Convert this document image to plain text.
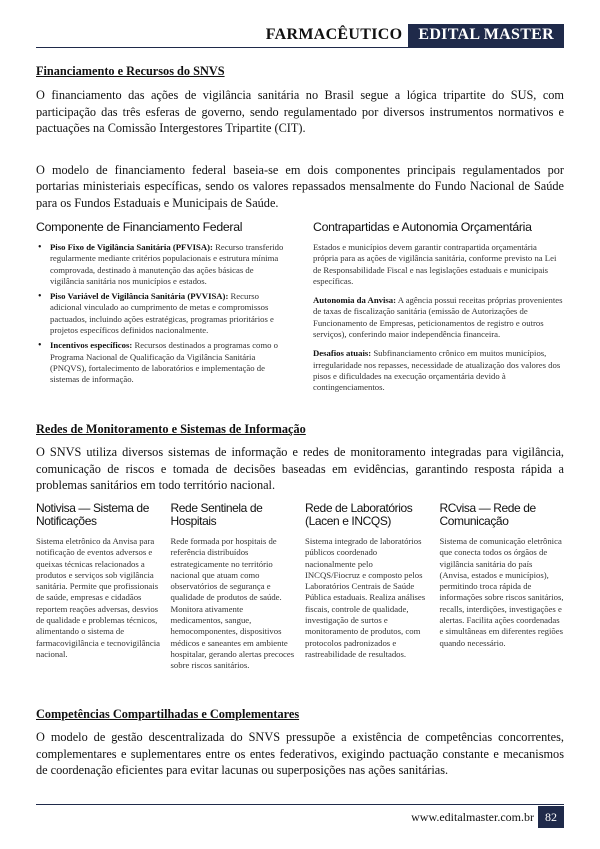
FARMACÊUTICO	EDITAL MASTER
Financiamento e Recursos do SNVS

O financiamento das ações de vigilância sanitária no Brasil segue a lógica tripartite do SUS, com participação das três esferas de governo, sendo regulamentado por diversos instrumentos normativos e pactuações na Comissão Intergestores Tripartite (CIT).

O modelo de financiamento federal baseia-se em dois componentes principais regulamentados por portarias ministeriais específicas, sendo os valores repassados mensalmente do Fundo Nacional de Saúde para os Fundos Estaduais e Municipais de Saúde.

Componente de Financiamento Federal
• Piso Fixo de Vigilância Sanitária (PFVISA): Recurso transferido regularmente mediante critérios populacionais e estrutura mínima comprovada, destinado à manutenção das ações básicas de vigilância sanitária nos municípios e estados.
• Piso Variável de Vigilância Sanitária (PVVISA): Recurso adicional vinculado ao cumprimento de metas e compromissos pactuados, incluindo ações estratégicas, programas prioritários e projetos específicos definidos nacionalmente.
• Incentivos específicos: Recursos destinados a programas como o Programa Nacional de Qualificação da Vigilância Sanitária (PNQVS), fortalecimento de laboratórios e implementação de sistemas de informação.
Contrapartidas e Autonomia Orçamentária

Estados e municípios devem garantir contrapartida orçamentária própria para as ações de vigilância sanitária, conforme previsto na Lei de Responsabilidade Fiscal e nas legislações estaduais e municipais específicas.

Autonomia da Anvisa: A agência possui receitas próprias provenientes de taxas de fiscalização sanitária (emissão de Autorizações de Funcionamento de Empresas, peticionamentos de registro e outros serviços), conferindo maior independência financeira.

Desafios atuais: Subfinanciamento crônico em muitos municípios, irregularidade nos repasses, necessidade de atualização dos valores dos pisos e dificuldades na execução orçamentária devido à contingenciamentos.

Redes de Monitoramento e Sistemas de Informação

O SNVS utiliza diversos sistemas de informação e redes de monitoramento integradas para vigilância, comunicação de riscos e tomada de decisões baseadas em evidências, garantindo resposta rápida a problemas sanitários em todo território nacional.

Notivisa — Sistema de Notificações
Sistema eletrônico da Anvisa para notificação de eventos adversos e queixas técnicas relacionados a produtos e serviços sob vigilância sanitária. Permite que profissionais de saúde, empresas e cidadãos reportem reações adversas, desvios de qualidade e problemas técnicos, alimentando o sistema de farmacovigilância e tecnovigilância nacional.
Rede Sentinela de Hospitais
Rede formada por hospitais de referência distribuídos estrategicamente no território nacional que atuam como observatórios de segurança e qualidade de produtos de saúde. Monitora ativamente medicamentos, sangue, hemocomponentes, dispositivos médicos e saneantes em ambiente hospitalar, gerando alertas precoces sobre riscos sanitários.
Rede de Laboratórios (Lacen e INCQS)
Sistema integrado de laboratórios públicos coordenado nacionalmente pelo INCQS/Fiocruz e composto pelos Laboratórios Centrais de Saúde Pública estaduais. Realiza análises fiscais, controle de qualidade, investigação de surtos e monitoramento de produtos, com protocolos padronizados e rastreabilidade de resultados.
RCvisa — Rede de Comunicação
Sistema de comunicação eletrônica que conecta todos os órgãos de vigilância sanitária do país (Anvisa, estados e municípios), permitindo troca rápida de informações sobre riscos sanitários, recalls, interdições, investigações e alertas. Facilita ações coordenadas e simultâneas em diferentes regiões quando necessário.
Competências Compartilhadas e Complementares

O modelo de gestão descentralizada do SNVS pressupõe a existência de competências concorrentes, complementares e suplementares entre os entes federativos, exigindo pactuação constante e mecanismos de coordenação eficientes para evitar lacunas ou superposições nas ações sanitárias.

www.editalmaster.com.br 82
